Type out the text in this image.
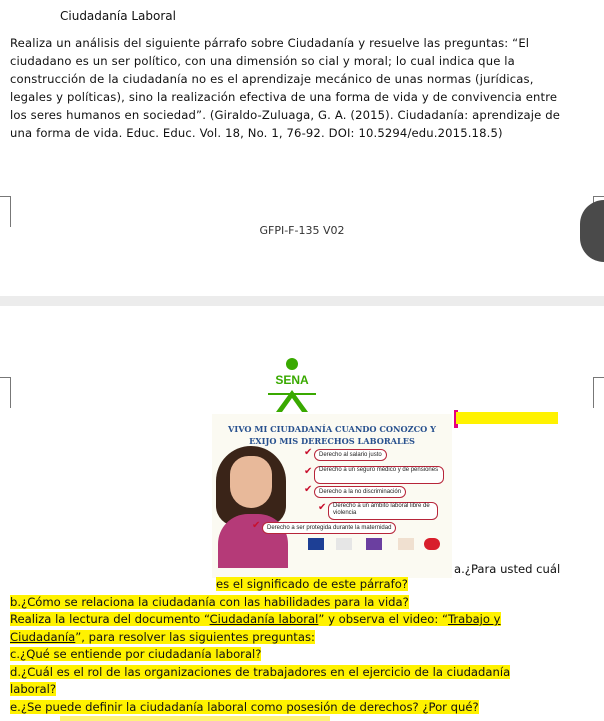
Ciudadanía Laboral
Realiza un análisis del siguiente párrafo sobre Ciudadanía y resuelve las preguntas: “El
ciudadano es un ser político, con una dimensión so cial y moral; lo cual indica que la
construcción de la ciudadanía no es el aprendizaje mecánico de unas normas (jurídicas,
legales y políticas), sino la realización efectiva de una forma de vida y de convivencia entre
los seres humanos en sociedad”. (Giraldo-Zuluaga, G. A. (2015). Ciudadanía: aprendizaje de
una forma de vida. Educ. Educ. Vol. 18, No. 1, 76-92. DOI: 10.5294/edu.2015.18.5)
GFPI-F-135 V02
SENA
VIVO MI CIUDADANÍA CUANDO CONOZCO Y
EXIJO MIS DERECHOS LABORALES
✔	Derecho al salario justo
✔	Derecho a un seguro médico y de pensiones
✔	Derecho a la no discriminación
✔	Derecho a un ámbito laboral libre de violencia
✔	Derecho a ser protegida durante la maternidad
a.¿Para usted cuál
es el significado de este párrafo?
b.¿Cómo se relaciona la ciudadanía con las habilidades para la vida?
Realiza la lectura del documento “Ciudadanía laboral” y observa el video: “Trabajo y
Ciudadanía”, para resolver las siguientes preguntas:
c.¿Qué se entiende por ciudadanía laboral?
d.¿Cuál es el rol de las organizaciones de trabajadores en el ejercicio de la ciudadanía
laboral?
e.¿Se puede definir la ciudadanía laboral como posesión de derechos? ¿Por qué?
